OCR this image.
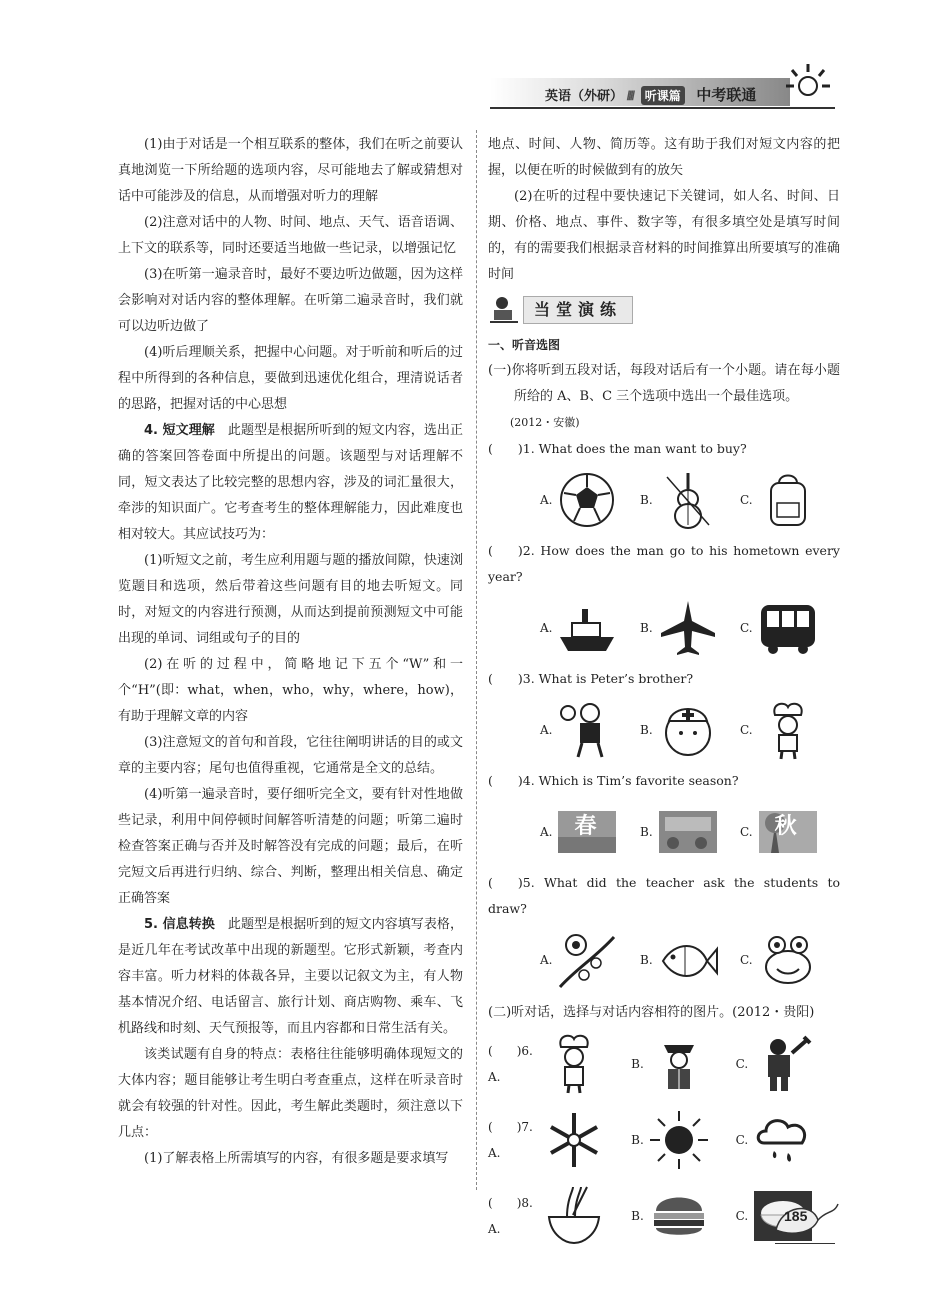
英语（外研） //// 听课篇 中考联通

(1)由于对话是一个相互联系的整体，我们在听之前要认真地浏览一下所给题的选项内容，尽可能地去了解或猜想对话中可能涉及的信息，从而增强对听力的理解

(2)注意对话中的人物、时间、地点、天气、语音语调、上下文的联系等，同时还要适当地做一些记录，以增强记忆

(3)在听第一遍录音时，最好不要边听边做题，因为这样会影响对对话内容的整体理解。在听第二遍录音时，我们就可以边听边做了

(4)听后理顺关系，把握中心问题。对于听前和听后的过程中所得到的各种信息，要做到迅速优化组合，理清说话者的思路，把握对话的中心思想

4. 短文理解　 此题型是根据所听到的短文内容，选出正确的答案回答卷面中所提出的问题。该题型与对话理解不同，短文表达了比较完整的思想内容，涉及的词汇量很大，牵涉的知识面广。它考查考生的整体理解能力，因此难度也相对较大。其应试技巧为：

(1)听短文之前，考生应利用题与题的播放间隙，快速浏览题目和选项，然后带着这些问题有目的地去听短文。同时，对短文的内容进行预测，从而达到提前预测短文中可能出现的单词、词组或句子的目的

(2)在听的过程中，简略地记下五个“W”和一个“H”(即：what，when，who，why，where，how)，有助于理解文章的内容

(3)注意短文的首句和首段，它往往阐明讲话的目的或文章的主要内容；尾句也值得重视，它通常是全文的总结。

(4)听第一遍录音时，要仔细听完全文，要有针对性地做些记录，利用中间停顿时间解答听清楚的问题；听第二遍时检查答案正确与否并及时解答没有完成的问题；最后，在听完短文后再进行归纳、综合、判断，整理出相关信息、确定正确答案

5. 信息转换　 此题型是根据听到的短文内容填写表格，是近几年在考试改革中出现的新题型。它形式新颖，考查内容丰富。听力材料的体裁各异，主要以记叙文为主，有人物基本情况介绍、电话留言、旅行计划、商店购物、乘车、飞机路线和时刻、天气预报等，而且内容都和日常生活有关。

该类试题有自身的特点：表格往往能够明确体现短文的大体内容；题目能够让考生明白考查重点，这样在听录音时就会有较强的针对性。因此，考生解此类题时，须注意以下几点：

(1)了解表格上所需填写的内容，有很多题是要求填写

地点、时间、人物、简历等。这有助于我们对短文内容的把握，以便在听的时候做到有的放矢

(2)在听的过程中要快速记下关键词，如人名、时间、日期、价格、地点、事件、数字等，有很多填空处是填写时间的，有的需要我们根据录音材料的时间推算出所要填写的准确时间

当堂演练

一、听音选图

(一)你将听到五段对话，每段对话后有一个小题。请在每小题所给的 A、B、C 三个选项中选出一个最佳选项。

(2012・安徽)

(  )1. What does the man want to buy?

A.	B.	C.

(  )2. How does the man go to his hometown every year?

A.	B.	C.

(  )3. What is Peter’s brother?

A.	B.	C.

(  )4. Which is Tim’s favorite season?

A. 春	B.	C. 秋

(  )5. What did the teacher ask the students to draw?

A.	B.	C.

(二)听对话，选择与对话内容相符的图片。(2012・贵阳)

(   )6. A.
B.	C.
(   )7. A.
B.	C.
(   )8. A.
B.	C.	185
